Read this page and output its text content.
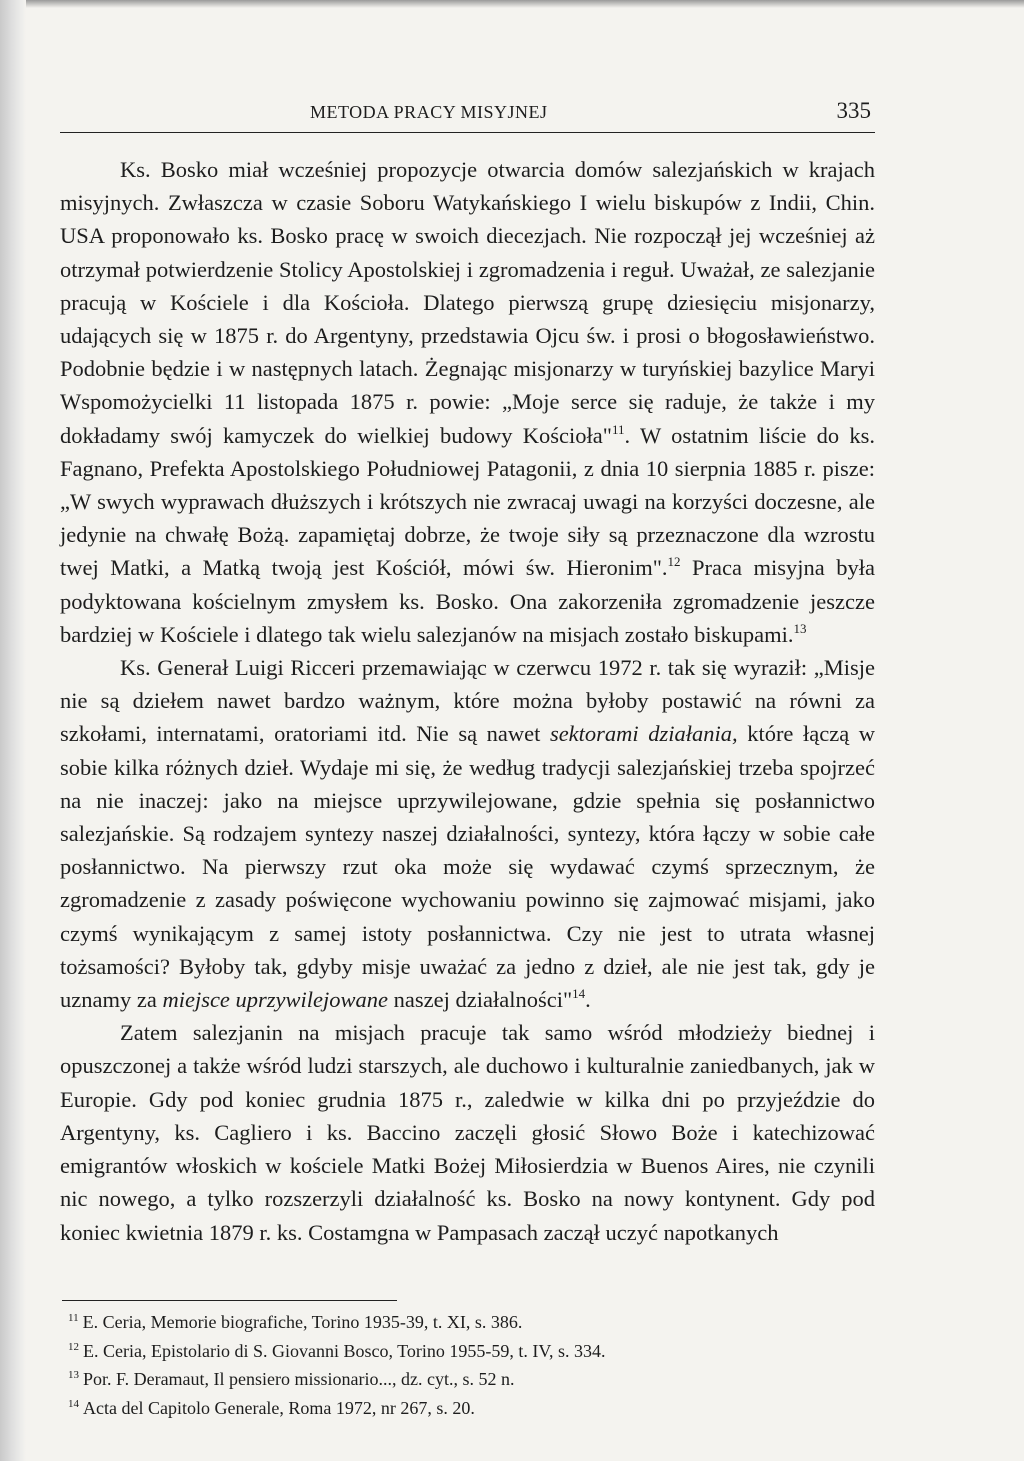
METODA PRACY MISYJNEJ	335

Ks. Bosko miał wcześniej propozycje otwarcia domów salezjańskich w krajach misyjnych. Zwłaszcza w czasie Soboru Watykańskiego I wielu biskupów z Indii, Chin. USA proponowało ks. Bosko pracę w swoich diecezjach. Nie rozpoczął jej wcześniej aż otrzymał potwierdzenie Stolicy Apostolskiej i zgromadzenia i reguł. Uważał, ze salezjanie pracują w Kościele i dla Kościoła. Dlatego pierwszą grupę dziesięciu misjonarzy, udających się w 1875 r. do Argentyny, przedstawia Ojcu św. i prosi o błogosławieństwo. Podobnie będzie i w następnych latach. Żegnając misjonarzy w turyńskiej bazylice Maryi Wspomożycielki 11 listopada 1875 r. powie: „Moje serce się raduje, że także i my dokładamy swój kamyczek do wielkiej budowy Kościoła"$^{11}$. W ostatnim liście do ks. Fagnano, Prefekta Apostolskiego Południowej Patagonii, z dnia 10 sierpnia 1885 r. pisze: „W swych wyprawach dłuższych i krótszych nie zwracaj uwagi na korzyści doczesne, ale jedynie na chwałę Bożą. zapamiętaj dobrze, że twoje siły są przeznaczone dla wzrostu twej Matki, a Matką twoją jest Kościół, mówi św. Hieronim".$^{12}$ Praca misyjna była podyktowana kościelnym zmysłem ks. Bosko. Ona zakorzeniła zgromadzenie jeszcze bardziej w Kościele i dlatego tak wielu salezjanów na misjach zostało biskupami.$^{13}$

Ks. Generał Luigi Ricceri przemawiając w czerwcu 1972 r. tak się wyraził: „Misje nie są dziełem nawet bardzo ważnym, które można byłoby postawić na równi za szkołami, internatami, oratoriami itd. Nie są nawet sektorami działania, które łączą w sobie kilka różnych dzieł. Wydaje mi się, że według tradycji salezjańskiej trzeba spojrzeć na nie inaczej: jako na miejsce uprzywilejowane, gdzie spełnia się posłannictwo salezjańskie. Są rodzajem syntezy naszej działalności, syntezy, która łączy w sobie całe posłannictwo. Na pierwszy rzut oka może się wydawać czymś sprzecznym, że zgromadzenie z zasady poświęcone wychowaniu powinno się zajmować misjami, jako czymś wynikającym z samej istoty posłannictwa. Czy nie jest to utrata własnej tożsamości? Byłoby tak, gdyby misje uważać za jedno z dzieł, ale nie jest tak, gdy je uznamy za miejsce uprzywilejowane naszej działalności"$^{14}$.

Zatem salezjanin na misjach pracuje tak samo wśród młodzieży biednej i opuszczonej a także wśród ludzi starszych, ale duchowo i kulturalnie zaniedbanych, jak w Europie. Gdy pod koniec grudnia 1875 r., zaledwie w kilka dni po przyjeździe do Argentyny, ks. Cagliero i ks. Baccino zaczęli głosić Słowo Boże i katechizować emigrantów włoskich w kościele Matki Bożej Miłosierdzia w Buenos Aires, nie czynili nic nowego, a tylko rozszerzyli działalność ks. Bosko na nowy kontynent. Gdy pod koniec kwietnia 1879 r. ks. Costamgna w Pampasach zaczął uczyć napotkanych

$^{11}$ E. Ceria, Memorie biografiche, Torino 1935-39, t. XI, s. 386.
$^{12}$ E. Ceria, Epistolario di S. Giovanni Bosco, Torino 1955-59, t. IV, s. 334.
$^{13}$ Por. F. Deramaut, Il pensiero missionario..., dz. cyt., s. 52 n.
$^{14}$ Acta del Capitolo Generale, Roma 1972, nr 267, s. 20.
